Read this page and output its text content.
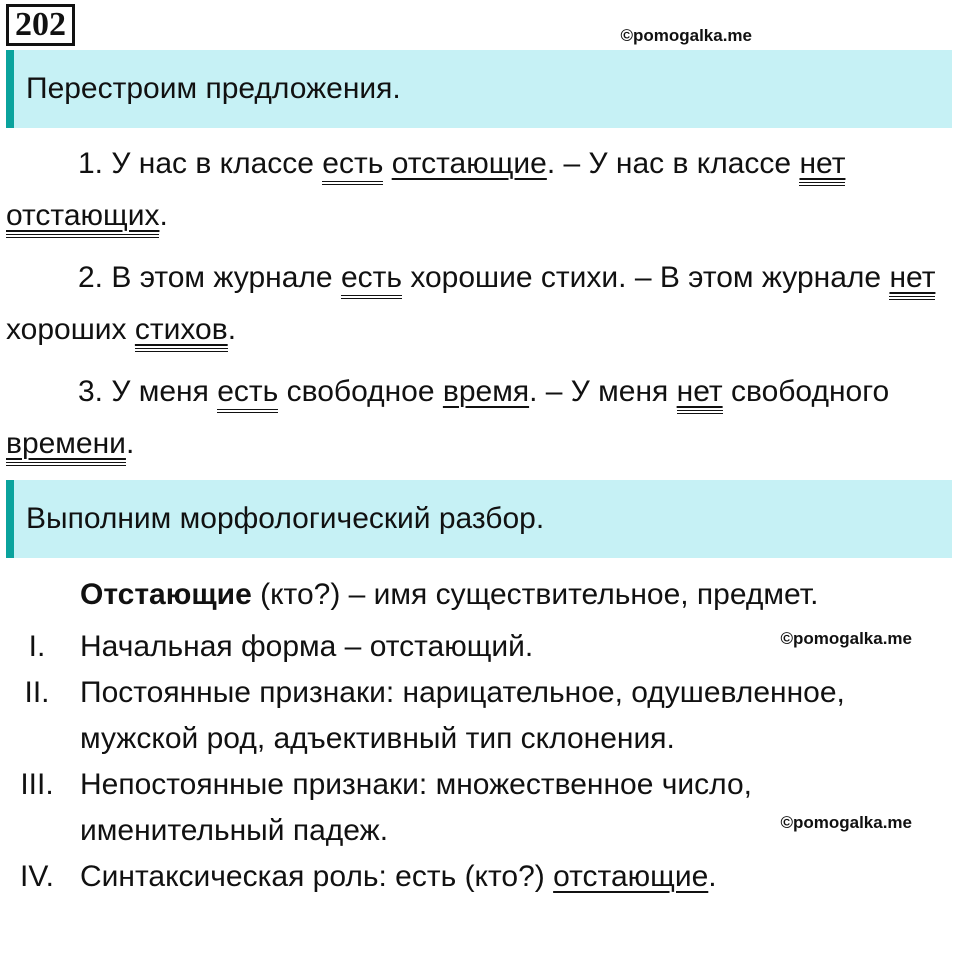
202	©pomogalka.me
Перестроим предложения.
1. У нас в классе есть отстающие. – У нас в классе нет отстающих.
2. В этом журнале есть хорошие стихи. – В этом журнале нет хороших стихов.
3. У меня есть свободное время. – У меня нет свободного времени.
Выполним морфологический разбор.
Отстающие (кто?) – имя существительное, предмет.
I.	©pomogalka.me
Начальная форма – отстающий.
II.	Постоянные признаки: нарицательное, одушевленное, мужской род, адъективный тип склонения.
III. Непостоянные признаки: множественное число, именительный падеж.	©pomogalka.me
IV. Синтаксическая роль: есть (кто?) отстающие.
